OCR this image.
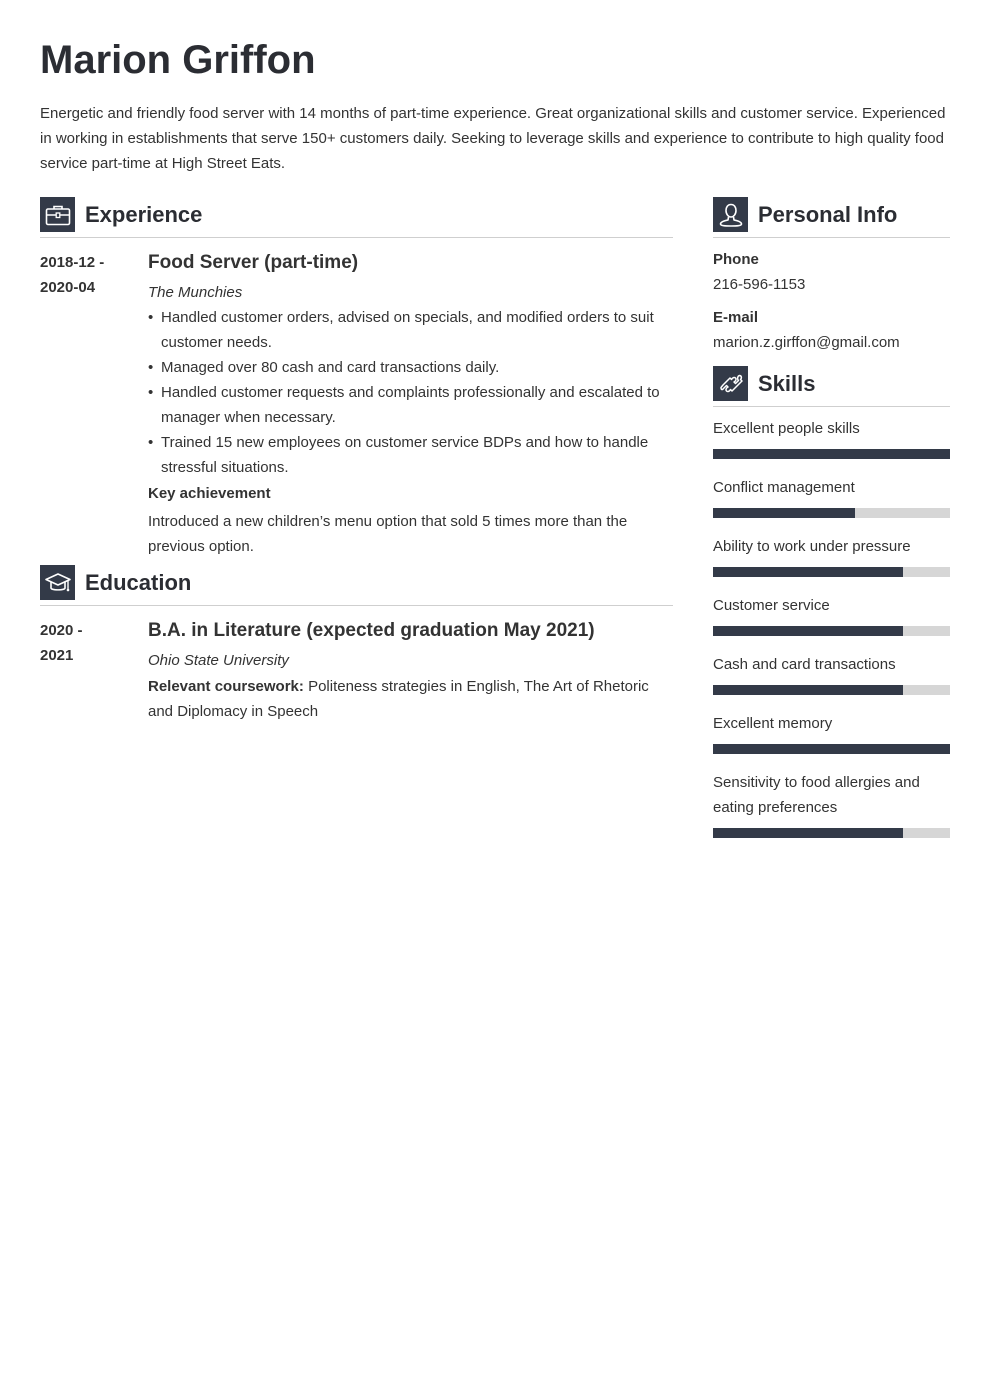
Marion Griffon

Energetic and friendly food server with 14 months of part-time experience. Great organizational skills and customer service. Experienced in working in establishments that serve 150+ customers daily. Seeking to leverage skills and experience to contribute to high quality food service part-time at High Street Eats.

Experience
2018-12 -
2020-04
Food Server (part-time)
The Munchies
• Handled customer orders, advised on specials, and modified orders to suit customer needs.
• Managed over 80 cash and card transactions daily.
• Handled customer requests and complaints professionally and escalated to manager when necessary.
• Trained 15 new employees on customer service BDPs and how to handle stressful situations.
Key achievement

Introduced a new children’s menu option that sold 5 times more than the previous option.

Education
2020 -
2021
B.A. in Literature (expected graduation May 2021)
Ohio State University

Relevant coursework: Politeness strategies in English, The Art of Rhetoric and Diplomacy in Speech

Personal Info
Phone
216-596-1153
E-mail
marion.z.girffon@gmail.com
Skills
Excellent people skills
Conflict management
Ability to work under pressure
Customer service
Cash and card transactions
Excellent memory
Sensitivity to food allergies and eating preferences
